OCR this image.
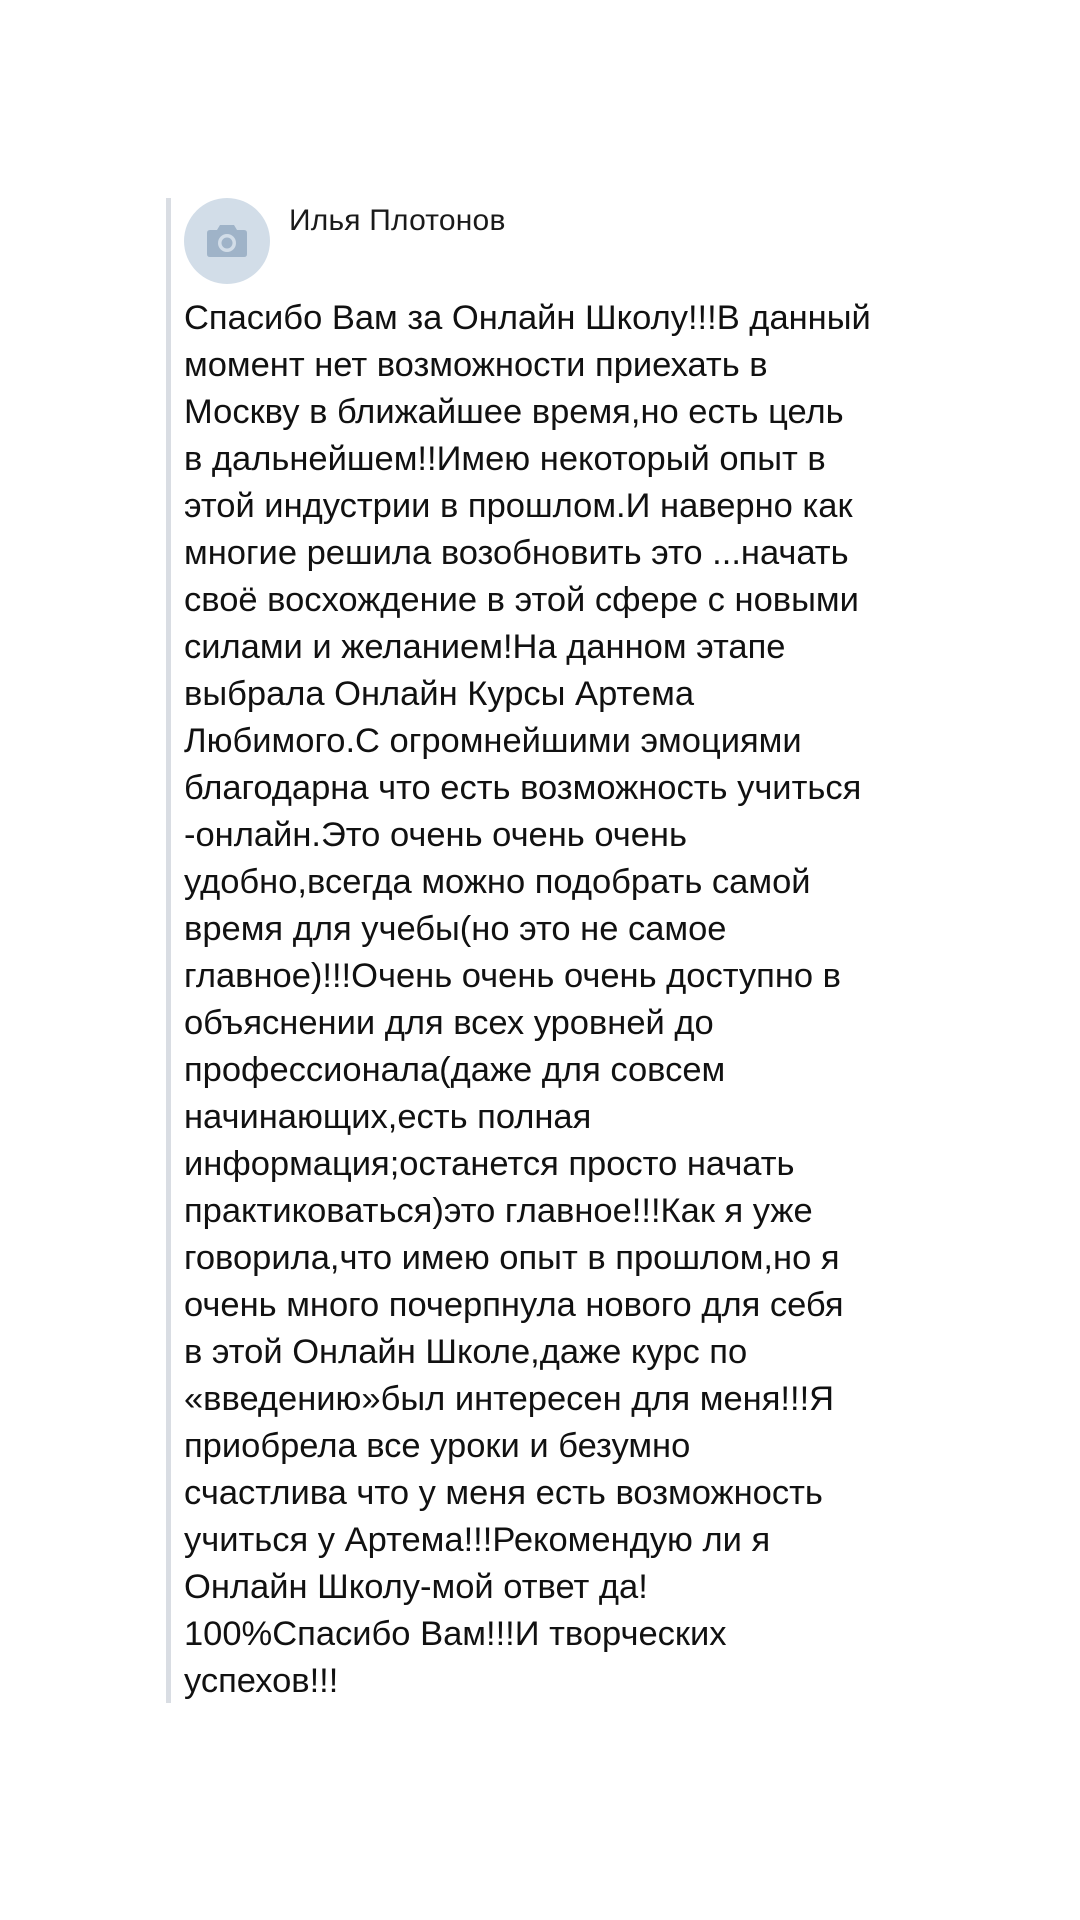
Илья Плотонов
Спасибо Вам за Онлайн Школу!!!В данный
момент нет возможности приехать в
Москву в ближайшее время,но есть цель
в дальнейшем!!Имею некоторый опыт в
этой индустрии в прошлом.И наверно как
многие решила возобновить это ...начать
своё восхождение в этой сфере с новыми
силами и желанием!На данном этапе
выбрала Онлайн Курсы Артема
Любимого.С огромнейшими эмоциями
благодарна что есть возможность учиться
-онлайн.Это очень очень очень
удобно,всегда можно подобрать самой
время для учебы(но это не самое
главное)!!!Очень очень очень доступно в
объяснении для всех уровней до
профессионала(даже для совсем
начинающих,есть полная
информация;останется просто начать
практиковаться)это главное!!!Как я уже
говорила,что имею опыт в прошлом,но я
очень много почерпнула нового для себя
в этой Онлайн Школе,даже курс по
«введению»был интересен для меня!!!Я
приобрела все уроки и безумно
счастлива что у меня есть возможность
учиться у Артема!!!Рекомендую ли я
Онлайн Школу-мой ответ да!
100%Спасибо Вам!!!И творческих
успехов!!!
